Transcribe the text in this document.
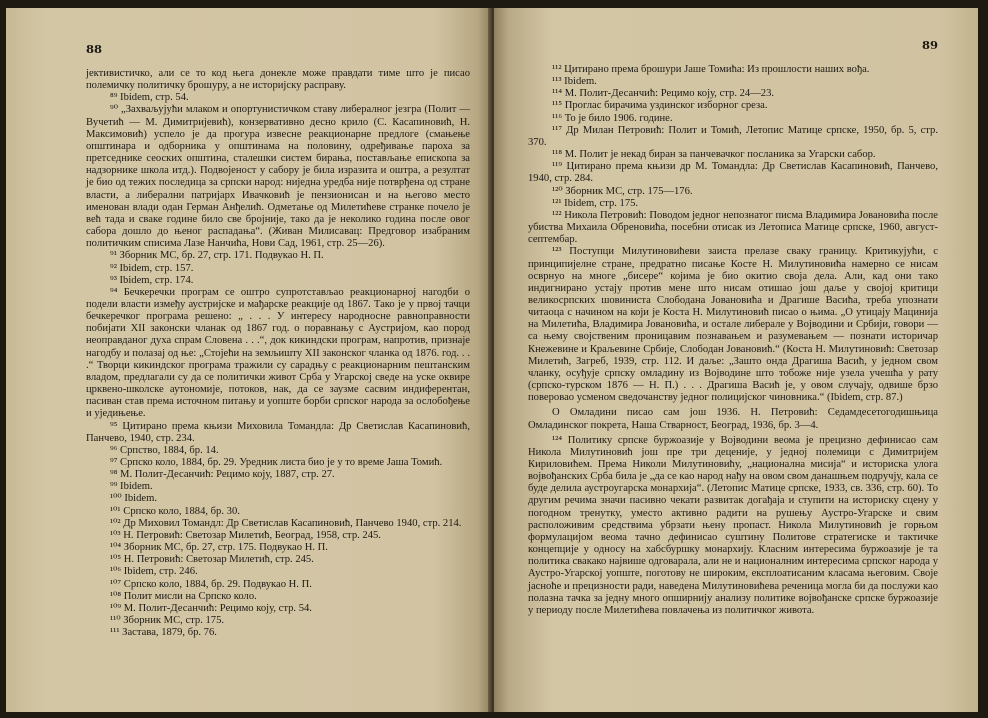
88

јективистичко, али се то код њега донекле може правдати тиме што је писао полемичку политичку брошуру, а не историјску расправу.

⁸⁹ Ibidem, стр. 54.

⁹⁰ „Захваљујући млаком и опортунистичком ставу либералног језгра (Полит — Вучетић — М. Димитријевић), конзервативно десно крило (С. Касапиновић, Н. Максимовић) успело је да прогура извесне реакционарне предлоге (смањење општинара и одборника у општинама на половину, одређивање пароха за претседнике сеоских општина, сталешки систем бирања, постављање епископа за надзорнике школа итд.). Подвојеност у сабору је била изразита и оштра, а резултат је био од тежих последица за српски народ: ниједна уредба није потврђена од стране власти, а либерални патријарх Ивачковић је пензионисан и на његово место именован влади одан Герман Анђелић. Одметање од Милетићеве странке почело је већ тада и сваке године било све бројније, тако да је неколико година после овог сабора дошло до њеног распадања“. (Живан Милисавац: Предговор изабраним политичким списима Лазе Нанчића, Нови Сад, 1961, стр. 25—26).

⁹¹ Зборник МС, бр. 27, стр. 171. Подвукао Н. П.

⁹² Ibidem, стр. 157.

⁹³ Ibidem, стр. 174.

⁹⁴ Бечкеречки програм се оштро супротстављао реакционарној нагодби о подели власти између аустријске и мађарске реакције од 1867. Тако је у првој тачци бечкеречког програма решено: „ . . . У интересу народносне равноправности побијати XII законски чланак од 1867 год. о поравнању с Аустријом, као пород неоправданог духа спрам Словена . . .“, док кикиндски програм, напротив, признаје нагодбу и полазај од ње: „Стојећи на земљишту XII законског чланка од 1876. год. . . .“ Творци кикиндског програма тражили су сарадњу с реакционарним пештанским владом, предлагали су да се политички живот Срба у Угарској сведе на уске оквире црквено-школске аутономије, потоков, нак, да се заузме сасвим индиферентан, пасиван став према источном питању и уопште борби српског народа за ослобођење и уједињење.

⁹⁵ Цитирано према књизи Миховила Томандла: Др Светислав Касапиновић, Панчево, 1940, стр. 234.

⁹⁶ Српство, 1884, бр. 14.

⁹⁷ Српско коло, 1884, бр. 29. Уредник листа био је у то време Јаша Томић.

⁹⁸ М. Полит-Десанчић: Рецимо коју, 1887, стр. 27.

⁹⁹ Ibidem.

¹⁰⁰ Ibidem.

¹⁰¹ Српско коло, 1884, бр. 30.

¹⁰² Др Миховил Томандл: Др Светислав Касапиновић, Панчево 1940, стр. 214.

¹⁰³ Н. Петровић: Светозар Милетић, Београд, 1958, стр. 245.

¹⁰⁴ Зборник МС, бр. 27, стр. 175. Подвукао Н. П.

¹⁰⁵ Н. Петровић: Светозар Милетић, стр. 245.

¹⁰⁶ Ibidem, стр. 246.

¹⁰⁷ Српско коло, 1884, бр. 29. Подвукао Н. П.

¹⁰⁸ Полит мисли на Српско коло.

¹⁰⁹ М. Полит-Десанчић: Рецимо коју, стр. 54.

¹¹⁰ Зборник МС, стр. 175.

¹¹¹ Застава, 1879, бр. 76.

89

¹¹² Цитирано према брошури Јаше Томића: Из прошлости наших вођа.

¹¹³ Ibidem.

¹¹⁴ М. Полит-Десанчић: Рецимо коју, стр. 24—23.

¹¹⁵ Проглас бирачима уздинског изборног среза.

¹¹⁶ То је било 1906. године.

¹¹⁷ Др Милан Петровић: Полит и Томић, Летопис Матице српске, 1950, бр. 5, стр. 370.

¹¹⁸ М. Полит је некад биран за панчевачког посланика за Угарски сабор.

¹¹⁹ Цитирано према књизи др М. Томандла: Др Светислав Касапиновић, Панчево, 1940, стр. 284.

¹²⁰ Зборник МС, стр. 175—176.

¹²¹ Ibidem, стр. 175.

¹²² Никола Петровић: Поводом једног непознатог писма Владимира Јовановића после убиства Михаила Обреновића, посебни отисак из Летописа Матице српске, 1960, август-септембар.

¹²³ Поступци Милутиновићеви заиста прелазе сваку границу. Критикујући, с принципијелне стране, предратно писање Косте Н. Милутиновића намерно се нисам осврнуо на многе „бисере“ којима је био окитио своја дела. Али, кад они тако индигнирано устају против мене што нисам отишао још даље у својој критици великосрпских шовиниста Слободана Јовановића и Драгише Васића, треба упознати читаоца с начином на који је Коста Н. Милутиновић писао о њима. „О утицају Мацинија на Милетића, Владимира Јовановића, и остале либерале у Војводини и Србији, говори — са њему својственим проницавим познавањем и разумевањем — познати историчар Кнежевине и Краљевине Србије, Слободан Јовановић.“ (Коста Н. Милутиновић: Светозар Милетић, Загреб, 1939, стр. 112. И даље: „Зашто онда Драгиша Васић, у једном свом чланку, осуђује српску омладину из Војводине што тобоже није узела учешћа у рату (српско-турском 1876 — Н. П.) . . . Драгиша Васић је, у овом случају, одвише брзо поверовао усменом сведочанству једног полицијског чиновника.“ (Ibidem, стр. 87.)

О Омладини писао сам још 1936. Н. Петровић: Седамдесетогодишњица Омладинског покрета, Наша Стварност, Београд, 1936, бр. 3—4.

¹²⁴ Политику српске буржоазије у Војводини веома је прецизно дефинисао сам Никола Милутиновић још пре три деценије, у једној полемици с Димитријем Кириловићем. Према Николи Милутиновићу, „национална мисија“ и историска улога војвођанских Срба била је „да се као народ нађу на овом свом данашњем подручју, кала се буде делила аустроугарска монархија“. (Летопис Матице српске, 1933, св. 336, стр. 60). То другим речима значи пасивно чекати развитак догађаја и ступити на историску сцену у погодном тренутку, уместо активно радити на рушењу Аустро-Угарске и свим расположивим средствима убрзати њену пропаст. Никола Милутиновић је горњом формулацијом веома тачно дефинисао суштину Политове стратегиске и тактичке концепције у односу на хабсбуршку монархију. Класним интересима буржоазије је та политика свакако највише одговарала, али не и националним интересима српског народа у Аустро-Угарској уопште, поготову не широким, експлоатисаним класама његовим. Своје јасноће и прецизности ради, наведена Милутиновићева реченица могла би да послужи као полазна тачка за једну много опширнију анализу политике војвођанске српске буржоазије у периоду после Милетићева повлачења из политичког живота.
